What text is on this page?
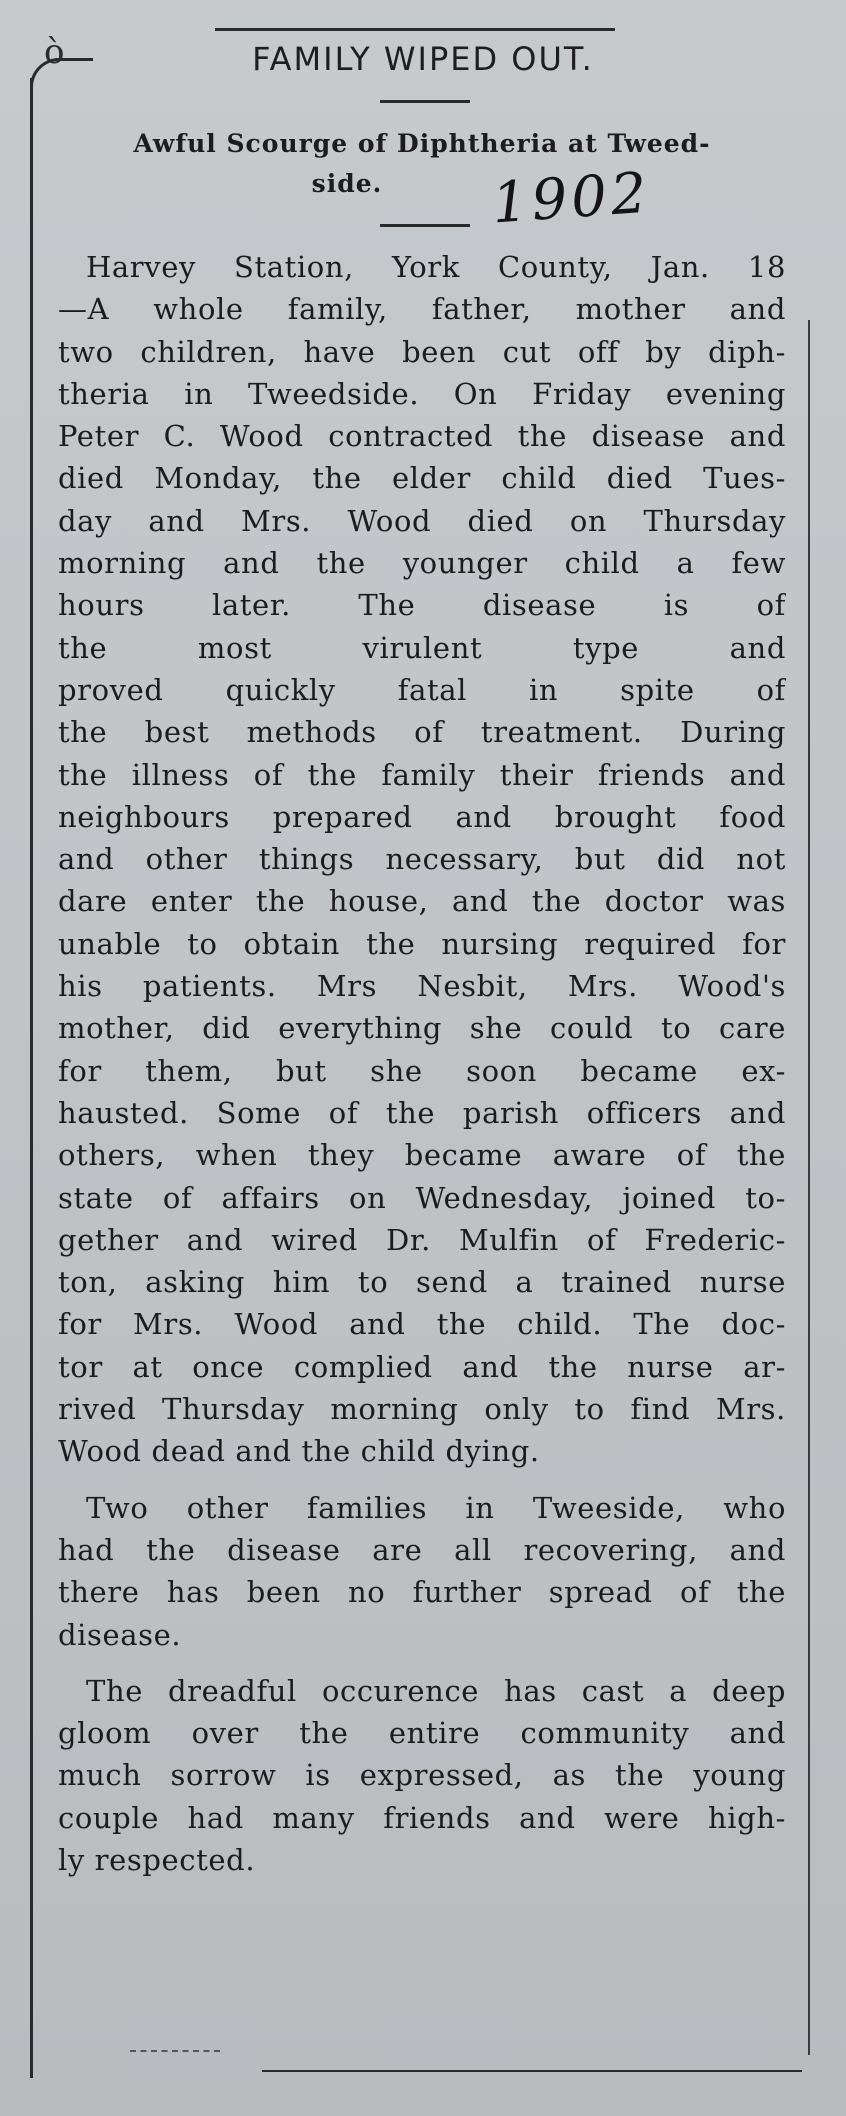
ò	FAMILY WIPED OUT.
Awful Scourge of Diphtheria at Tweed-
side.	1902
Harvey Station, York County, Jan. 18
—A whole family, father, mother and
two children, have been cut off by diph-
theria in Tweedside. On Friday evening
Peter C. Wood contracted the disease and
died Monday, the elder child died Tues-
day and Mrs. Wood died on Thursday
morning and the younger child a few
hours later. The disease is of
the most virulent type and
proved quickly fatal in spite of
the best methods of treatment. During
the illness of the family their friends and
neighbours prepared and brought food
and other things necessary, but did not
dare enter the house, and the doctor was
unable to obtain the nursing required for
his patients. Mrs Nesbit, Mrs. Wood's
mother, did everything she could to care
for them, but she soon became ex-
hausted. Some of the parish officers and
others, when they became aware of the
state of affairs on Wednesday, joined to-
gether and wired Dr. Mulfin of Frederic-
ton, asking him to send a trained nurse
for Mrs. Wood and the child. The doc-
tor at once complied and the nurse ar-
rived Thursday morning only to find Mrs.
Wood dead and the child dying.
Two other families in Tweeside, who
had the disease are all recovering, and
there has been no further spread of the
disease.
The dreadful occurence has cast a deep
gloom over the entire community and
much sorrow is expressed, as the young
couple had many friends and were high-
ly respected.
